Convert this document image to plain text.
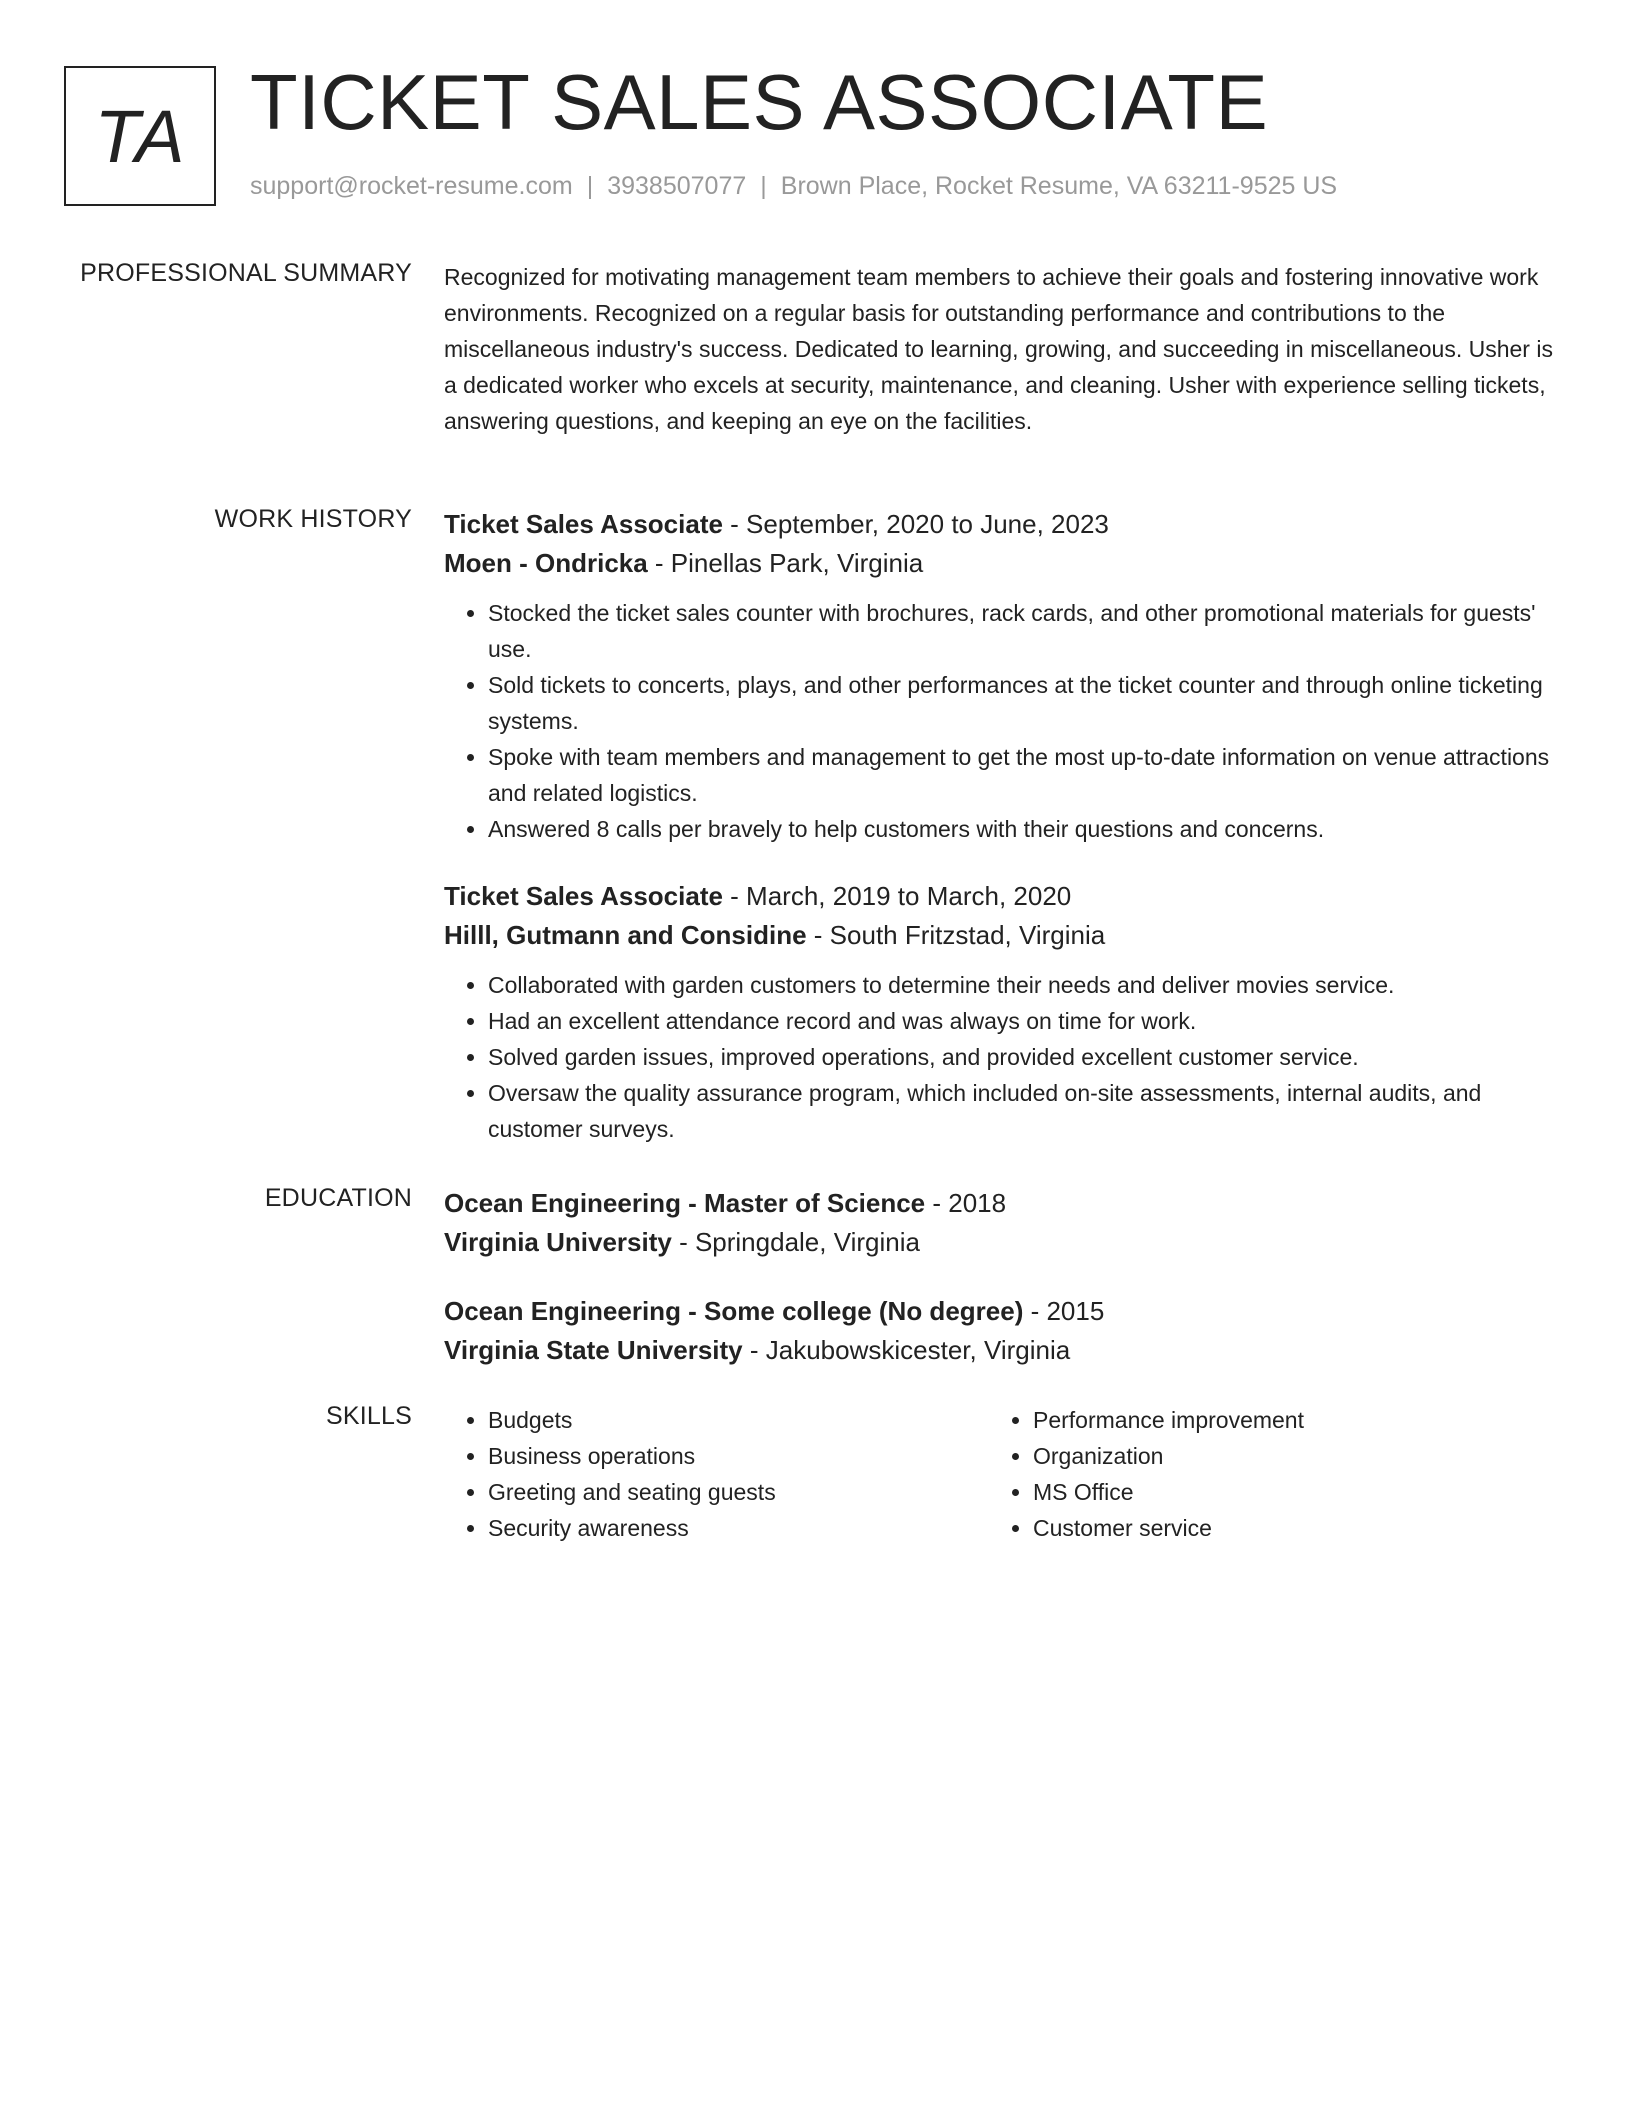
TA TICKET SALES ASSOCIATE
support@rocket-resume.com | 3938507077 | Brown Place, Rocket Resume, VA 63211-9525 US
PROFESSIONAL SUMMARY Recognized for motivating management team members to achieve their goals and fostering innovative work environments. Recognized on a regular basis for outstanding performance and contributions to the miscellaneous industry's success. Dedicated to learning, growing, and succeeding in miscellaneous. Usher is a dedicated worker who excels at security, maintenance, and cleaning. Usher with experience selling tickets, answering questions, and keeping an eye on the facilities.

WORK HISTORY Ticket Sales Associate - September, 2020 to June, 2023
Moen - Ondricka - Pinellas Park, Virginia
• Stocked the ticket sales counter with brochures, rack cards, and other promotional materials for guests' use.
• Sold tickets to concerts, plays, and other performances at the ticket counter and through online ticketing systems.
• Spoke with team members and management to get the most up-to-date information on venue attractions and related logistics.
• Answered 8 calls per bravely to help customers with their questions and concerns.
Ticket Sales Associate - March, 2019 to March, 2020
Hilll, Gutmann and Considine - South Fritzstad, Virginia
• Collaborated with garden customers to determine their needs and deliver movies service.
• Had an excellent attendance record and was always on time for work.
• Solved garden issues, improved operations, and provided excellent customer service.
• Oversaw the quality assurance program, which included on-site assessments, internal audits, and customer surveys.
EDUCATION Ocean Engineering - Master of Science - 2018
Virginia University - Springdale, Virginia
Ocean Engineering - Some college (No degree) - 2015
Virginia State University - Jakubowskicester, Virginia
SKILLS
•	Budgets
• Business operations
• Greeting and seating guests
• Security awareness
• Performance improvement
• Organization
• MS Office
• Customer service
